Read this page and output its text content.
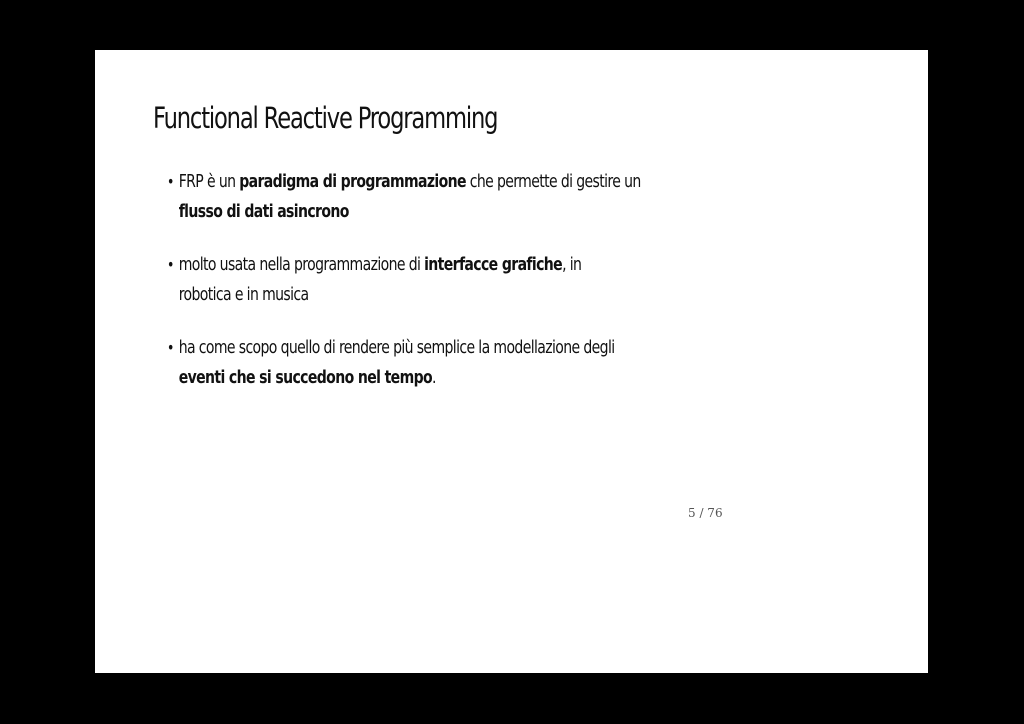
Functional Reactive Programming
• FRP è un paradigma di programmazione che permette di gestire un
flusso di dati asincrono
• molto usata nella programmazione di interfacce grafiche, in
robotica e in musica
• ha come scopo quello di rendere più semplice la modellazione degli
eventi che si succedono nel tempo.
5 / 76
